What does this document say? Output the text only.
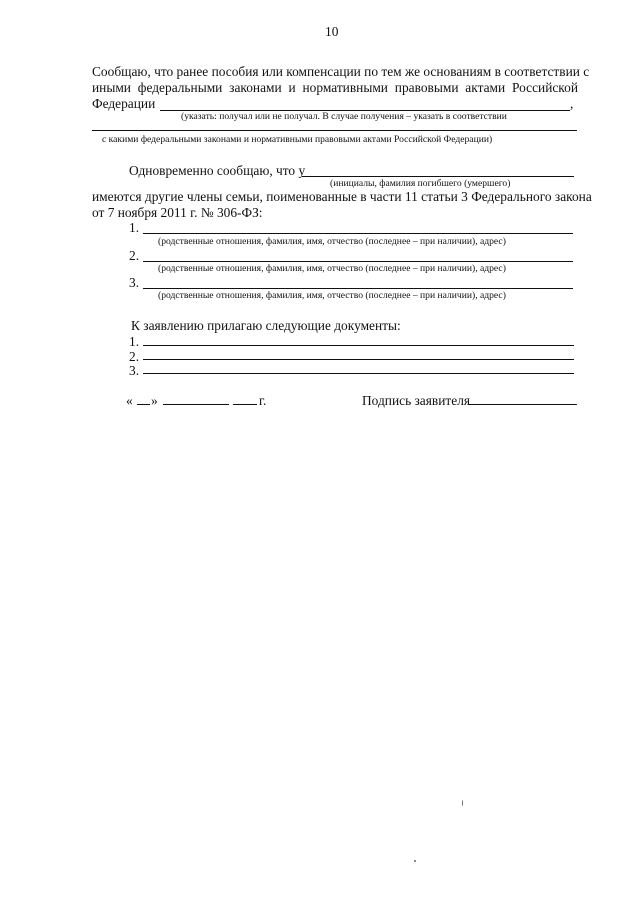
10
Сообщаю, что ранее пособия или компенсации по тем же основаниям в соответствии с
иными федеральными законами и нормативными правовыми актами Российской
Федерации	,
(указать: получал или не получал. В случае получения – указать в соответствии
с какими федеральными законами и нормативными правовыми актами Российской Федерации)
Одновременно сообщаю, что у
(инициалы, фамилия погибшего (умершего)
имеются другие члены семьи, поименованные в части 11 статьи 3 Федерального закона
от 7 ноября 2011 г. № 306-ФЗ:
1.
(родственные отношения, фамилия, имя, отчество (последнее – при наличии), адрес)
2.
(родственные отношения, фамилия, имя, отчество (последнее – при наличии), адрес)
3.
(родственные отношения, фамилия, имя, отчество (последнее – при наличии), адрес)
К заявлению прилагаю следующие документы:
1.
2.
3.
« »	г.	Подпись заявителя
